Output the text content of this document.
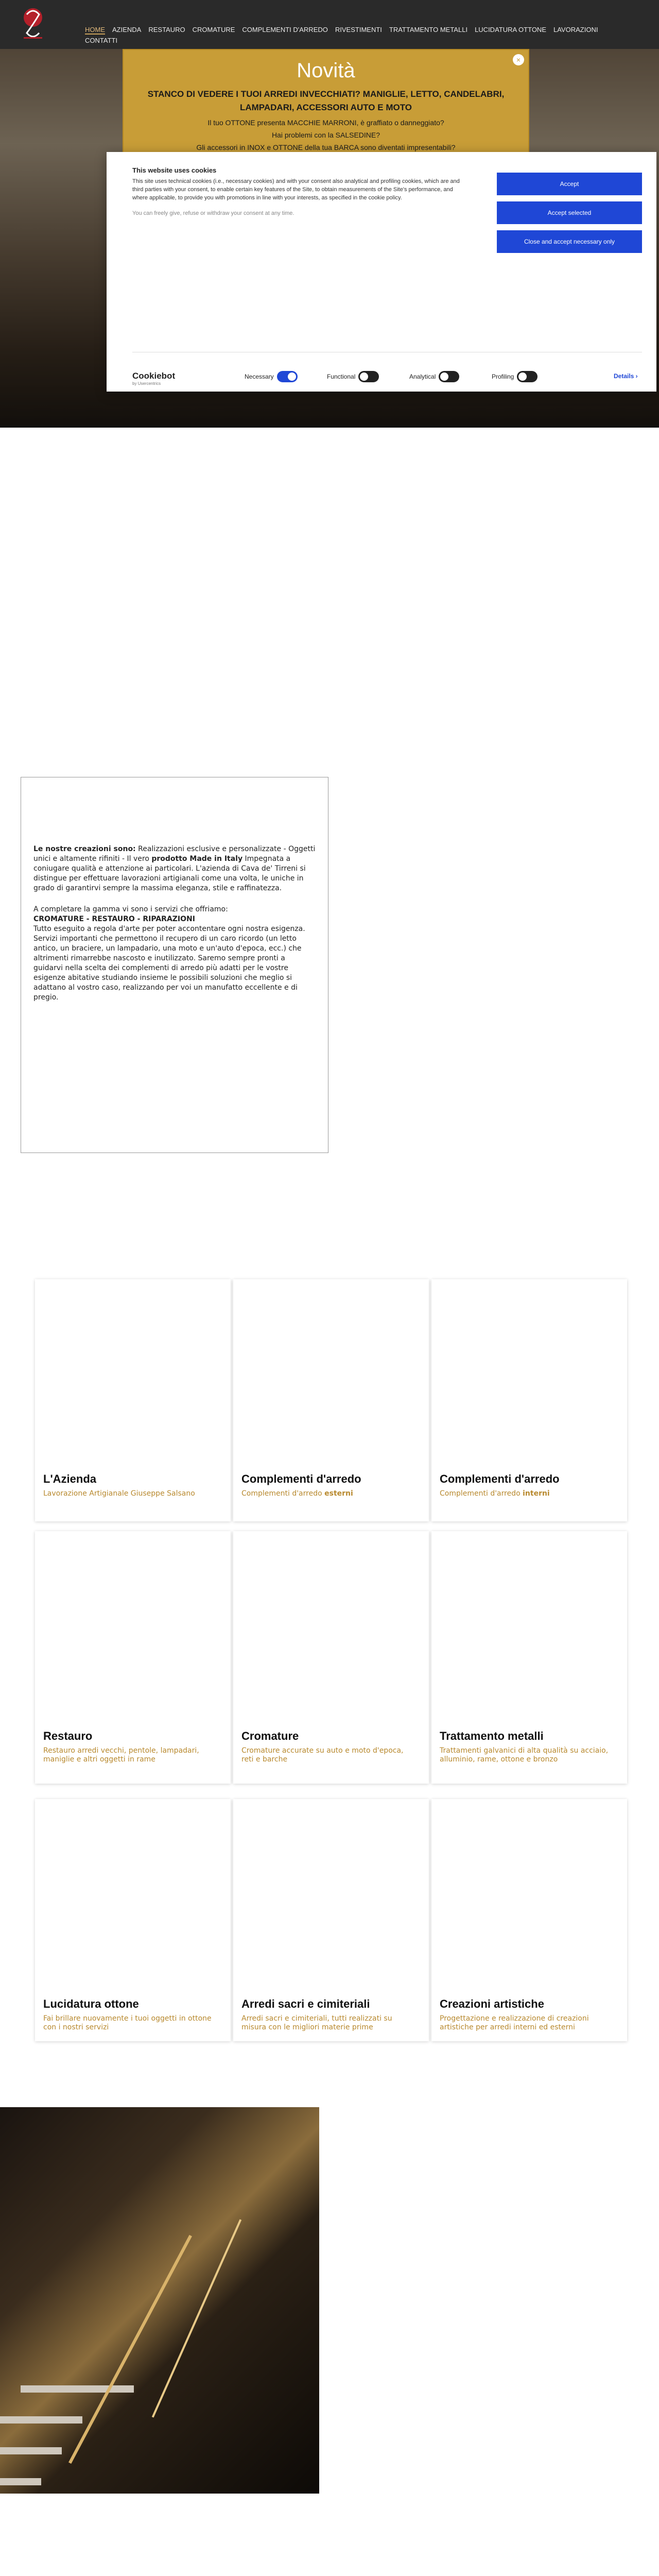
HOME AZIENDA RESTAURO CROMATURE COMPLEMENTI D'ARREDO RIVESTIMENTI TRATTAMENTO METALLI LUCIDATURA OTTONE LAVORAZIONI
CONTATTI
×
Novità
STANCO DI VEDERE I TUOI ARREDI INVECCHIATI? MANIGLIE, LETTO, CANDELABRI, LAMPADARI, ACCESSORI AUTO E MOTO

Il tuo OTTONE presenta MACCHIE MARRONI, è graffiato o danneggiato?

Hai problemi con la SALSEDINE?

Gli accessori in INOX e OTTONE della tua BARCA sono diventati impresentabili?

This website uses cookies
This site uses technical cookies (i.e., necessary cookies) and with your consent also analytical and profiling cookies, which are and third parties with your consent, to enable certain key features of the Site, to obtain measurements of the Site's performance, and where applicable, to provide you with promotions in line with your interests, as specified in the cookie policy.
You can freely give, refuse or withdraw your consent at any time.
Accept
Accept selected
Close and accept necessary only
Cookiebot
by Usercentrics
Necessary	Functional	Analytical	Profiling	Details ›

Le nostre creazioni sono: Realizzazioni esclusive e personalizzate - Oggetti unici e altamente rifiniti - Il vero prodotto Made in Italy Impegnata a coniugare qualità e attenzione ai particolari. L'azienda di Cava de' Tirreni si distingue per effettuare lavorazioni artigianali come una volta, le uniche in grado di garantirvi sempre la massima eleganza, stile e raffinatezza.

A completare la gamma vi sono i servizi che offriamo:
CROMATURE - RESTAURO - RIPARAZIONI
Tutto eseguito a regola d'arte per poter accontentare ogni nostra esigenza. Servizi importanti che permettono il recupero di un caro ricordo (un letto antico, un braciere, un lampadario, una moto e un'auto d'epoca, ecc.) che altrimenti rimarrebbe nascosto e inutilizzato. Saremo sempre pronti a guidarvi nella scelta dei complementi di arredo più adatti per le vostre esigenze abitative studiando insieme le possibili soluzioni che meglio si adattano al vostro caso, realizzando per voi un manufatto eccellente e di pregio.

L'Azienda
Lavorazione Artigianale Giuseppe Salsano
Complementi d'arredo
Complementi d'arredo esterni
Complementi d'arredo
Complementi d'arredo interni
Restauro
Restauro arredi vecchi, pentole, lampadari, maniglie e altri oggetti in rame
Cromature
Cromature accurate su auto e moto d'epoca, reti e barche
Trattamento metalli
Trattamenti galvanici di alta qualità su acciaio, alluminio, rame, ottone e bronzo
Lucidatura ottone
Fai brillare nuovamente i tuoi oggetti in ottone con i nostri servizi
Arredi sacri e cimiteriali
Arredi sacri e cimiteriali, tutti realizzati su misura con le migliori materie prime
Creazioni artistiche
Progettazione e realizzazione di creazioni artistiche per arredi interni ed esterni
